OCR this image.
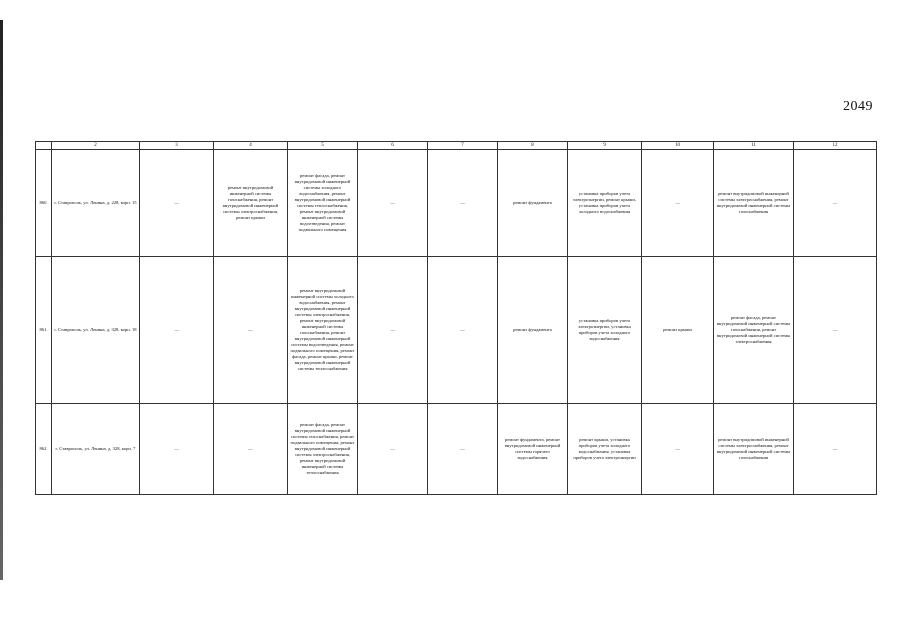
2049
	2	3	4	5	6	7	8	9	10	11	12
860.	г. Ставрополь, ул. Ленина, д. 228, корп. 15	—	ремонт внутридомовой инженерной системы газоснабжения, ремонт внутридомовой инженерной системы электроснабжения, ремонт крыши	ремонт фасада, ремонт внутридомовой инженерной системы холодного водоснабжения, ремонт внутридомовой инженерной системы теплоснабжения, ремонт внутридомовой инженерной системы водоотведения, ремонт подвального помещения	—	—	ремонт фундамента	установка приборов учета электроэнергии, ремонт крыши, установка приборов учета холодного водоснабжения	—	ремонт внутридомовой инженерной системы электроснабжения, ремонт внутридомовой инженерной системы газоснабжения	—
861.	г. Ставрополь, ул. Ленина, д. 328, корп. 18	—	—	ремонт внутридомовой инженерной системы холодного водоснабжения, ремонт внутридомовой инженерной системы электроснабжения, ремонт внутридомовой инженерной системы газоснабжения, ремонт внутридомовой инженерной системы водоотведения, ремонт подвального помещения, ремонт фасада, ремонт крыши, ремонт внутридомовой инженерной системы теплоснабжения	—	—	ремонт фундамента	установка приборов учета электроэнергии, установка приборов учета холодного водоснабжения	ремонт крыши	ремонт фасада, ремонт внутридомовой инженерной системы газоснабжения, ремонт внутридомовой инженерной системы электроснабжения	—
862.	г. Ставрополь, ул. Ленина, д. 328, корп. 7	—	—	ремонт фасада, ремонт внутридомовой инженерной системы газоснабжения, ремонт подвального помещения, ремонт внутридомовой инженерной системы электроснабжения, ремонт внутридомовой инженерной системы теплоснабжения	—	—	ремонт фундамента, ремонт внутридомовой инженерной системы горячего водоснабжения	ремонт крыши, установка приборов учета холодного водоснабжения, установка приборов учета электроэнергии	—	ремонт внутридомовой инженерной системы электроснабжения, ремонт внутридомовой инженерной системы газоснабжения	—
